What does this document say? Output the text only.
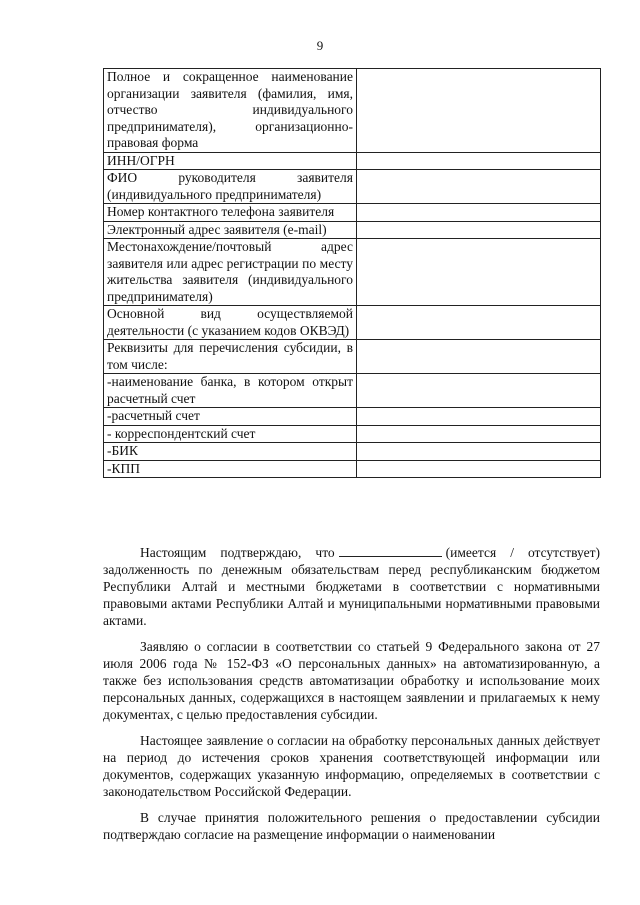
9
Полное и сокращенное наименование организации заявителя (фамилия, имя, отчество индивидуального предпринимателя), организационно-правовая форма	
ИНН/ОГРН	
ФИО руководителя заявителя (индивидуального предпринимателя)	
Номер контактного телефона заявителя	
Электронный адрес заявителя (e-mail)	
Местонахождение/почтовый адрес заявителя или адрес регистрации по месту жительства заявителя (индивидуального предпринимателя)	
Основной вид осуществляемой деятельности (с указанием кодов ОКВЭД)	
Реквизиты для перечисления субсидии, в том числе:	
-наименование банка, в котором открыт расчетный счет	
-расчетный счет	
- корреспондентский счет	
-БИК	
-КПП	

Настоящим подтверждаю, что	(имеется / отсутствует) задолженность по денежным обязательствам перед республиканским бюджетом Республики Алтай и местными бюджетами в соответствии с нормативными правовыми актами Республики Алтай и муниципальными нормативными правовыми актами.

Заявляю о согласии в соответствии со статьей 9 Федерального закона от 27 июля 2006 года № 152-ФЗ «О персональных данных» на автоматизированную, а также без использования средств автоматизации обработку и использование моих персональных данных, содержащихся в настоящем заявлении и прилагаемых к нему документах, с целью предоставления субсидии.

Настоящее заявление о согласии на обработку персональных данных действует на период до истечения сроков хранения соответствующей информации или документов, содержащих указанную информацию, определяемых в соответствии с законодательством Российской Федерации.

В случае принятия положительного решения о предоставлении субсидии подтверждаю согласие на размещение информации о наименовании
